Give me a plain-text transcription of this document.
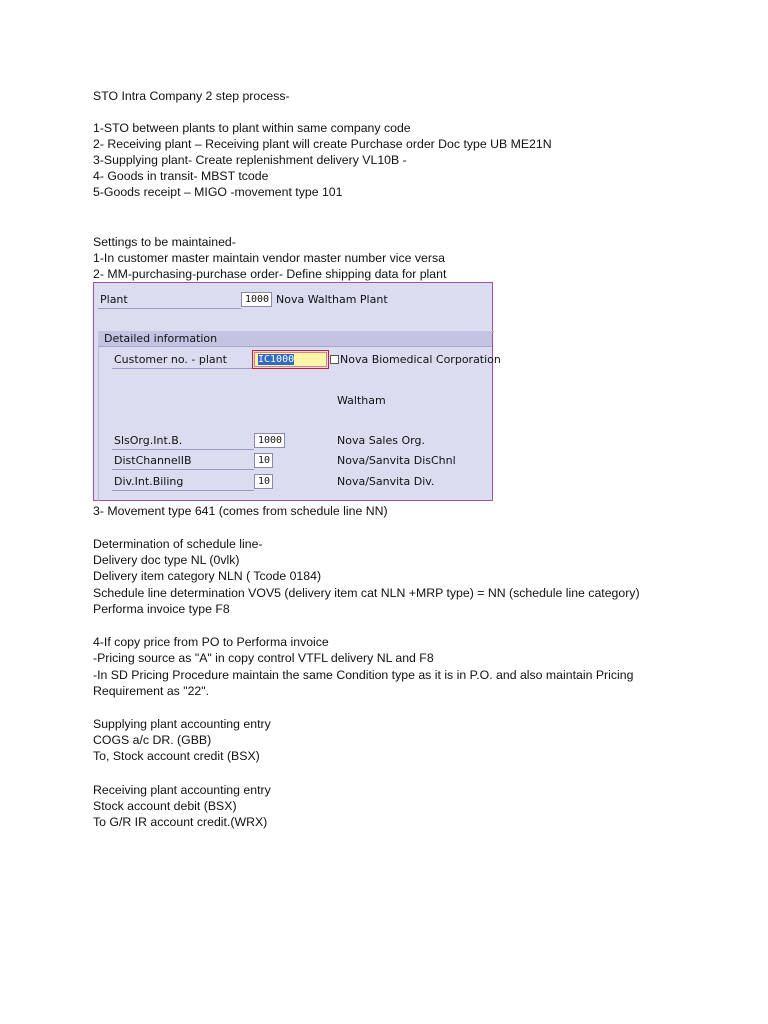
STO Intra Company 2 step process-
1-STO between plants to plant within same company code
2- Receiving plant – Receiving plant will create Purchase order Doc type UB ME21N
3-Supplying plant- Create replenishment delivery VL10B -
4- Goods in transit- MBST tcode
5-Goods receipt – MIGO -movement type 101
Settings to be maintained-
1-In customer master maintain vendor master number vice versa
2- MM-purchasing-purchase order- Define shipping data for plant
Plant	1000 Nova Waltham Plant
Detailed information
Customer no. - plant	IC1000	Nova Biomedical Corporation
Waltham
SlsOrg.Int.B.	1000	Nova Sales Org.
DistChannelIB	10	Nova/Sanvita DisChnl
Div.Int.Biling	10	Nova/Sanvita Div.
3- Movement type 641 (comes from schedule line NN)
Determination of schedule line-
Delivery doc type NL (0vlk)
Delivery item category NLN ( Tcode 0184)
Schedule line determination VOV5 (delivery item cat NLN +MRP type) = NN (schedule line category)
Performa invoice type F8
4-If copy price from PO to Performa invoice
-Pricing source as "A" in copy control VTFL delivery NL and F8
-In SD Pricing Procedure maintain the same Condition type as it is in P.O. and also maintain Pricing
Requirement as "22".
Supplying plant accounting entry
COGS a/c DR. (GBB)
To, Stock account credit (BSX)
Receiving plant accounting entry
Stock account debit (BSX)
To G/R IR account credit.(WRX)
